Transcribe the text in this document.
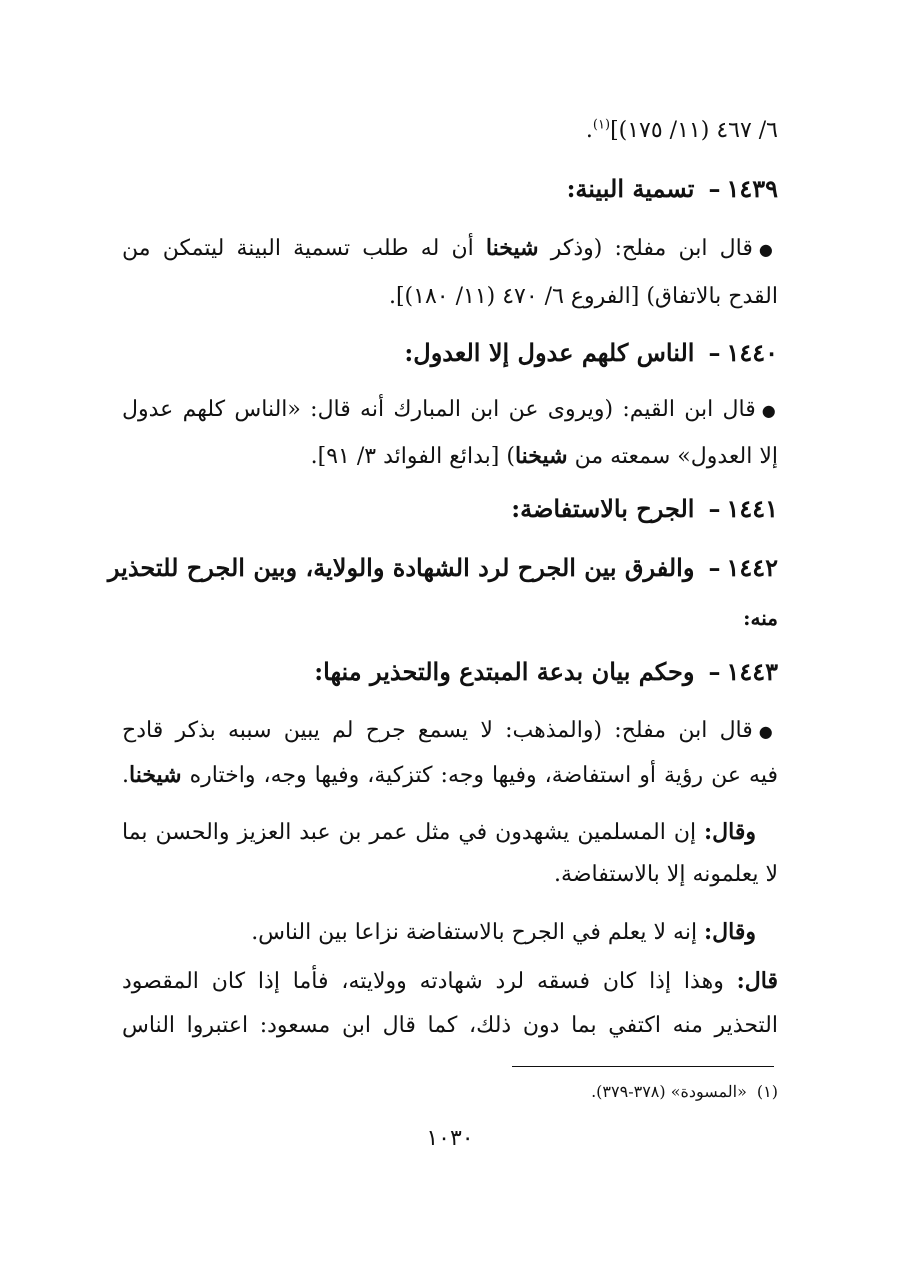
٦/ ٤٦٧ (١١/ ١٧٥)]$^{(١)}$.
١٤٣٩–تسمية البينة:
●قال ابن مفلح: (وذكر شيخنا أن له طلب تسمية البينة ليتمكن من
القدح بالاتفاق) [الفروع ٦/ ٤٧٠ (١١/ ١٨٠)].
١٤٤٠–الناس كلهم عدول إلا العدول:
●قال ابن القيم: (ويروى عن ابن المبارك أنه قال: «الناس كلهم عدول
إلا العدول» سمعته من شيخنا) [بدائع الفوائد ٣/ ٩١].
١٤٤١–الجرح بالاستفاضة:
١٤٤٢–والفرق بين الجرح لرد الشهادة والولاية، وبين الجرح للتحذير
منه:
١٤٤٣–وحكم بيان بدعة المبتدع والتحذير منها:
●قال ابن مفلح: (والمذهب: لا يسمع جرح لم يبين سببه بذكر قادح
فيه عن رؤية أو استفاضة، وفيها وجه: كتزكية، وفيها وجه، واختاره شيخنا.
وقال: إن المسلمين يشهدون في مثل عمر بن عبد العزيز والحسن بما
لا يعلمونه إلا بالاستفاضة.
وقال: إنه لا يعلم في الجرح بالاستفاضة نزاعا بين الناس.
قال: وهذا إذا كان فسقه لرد شهادته وولايته، فأما إذا كان المقصود
التحذير منه اكتفي بما دون ذلك، كما قال ابن مسعود: اعتبروا الناس
(١)«المسودة» (٣٧٨-٣٧٩).
١٠٣٠
